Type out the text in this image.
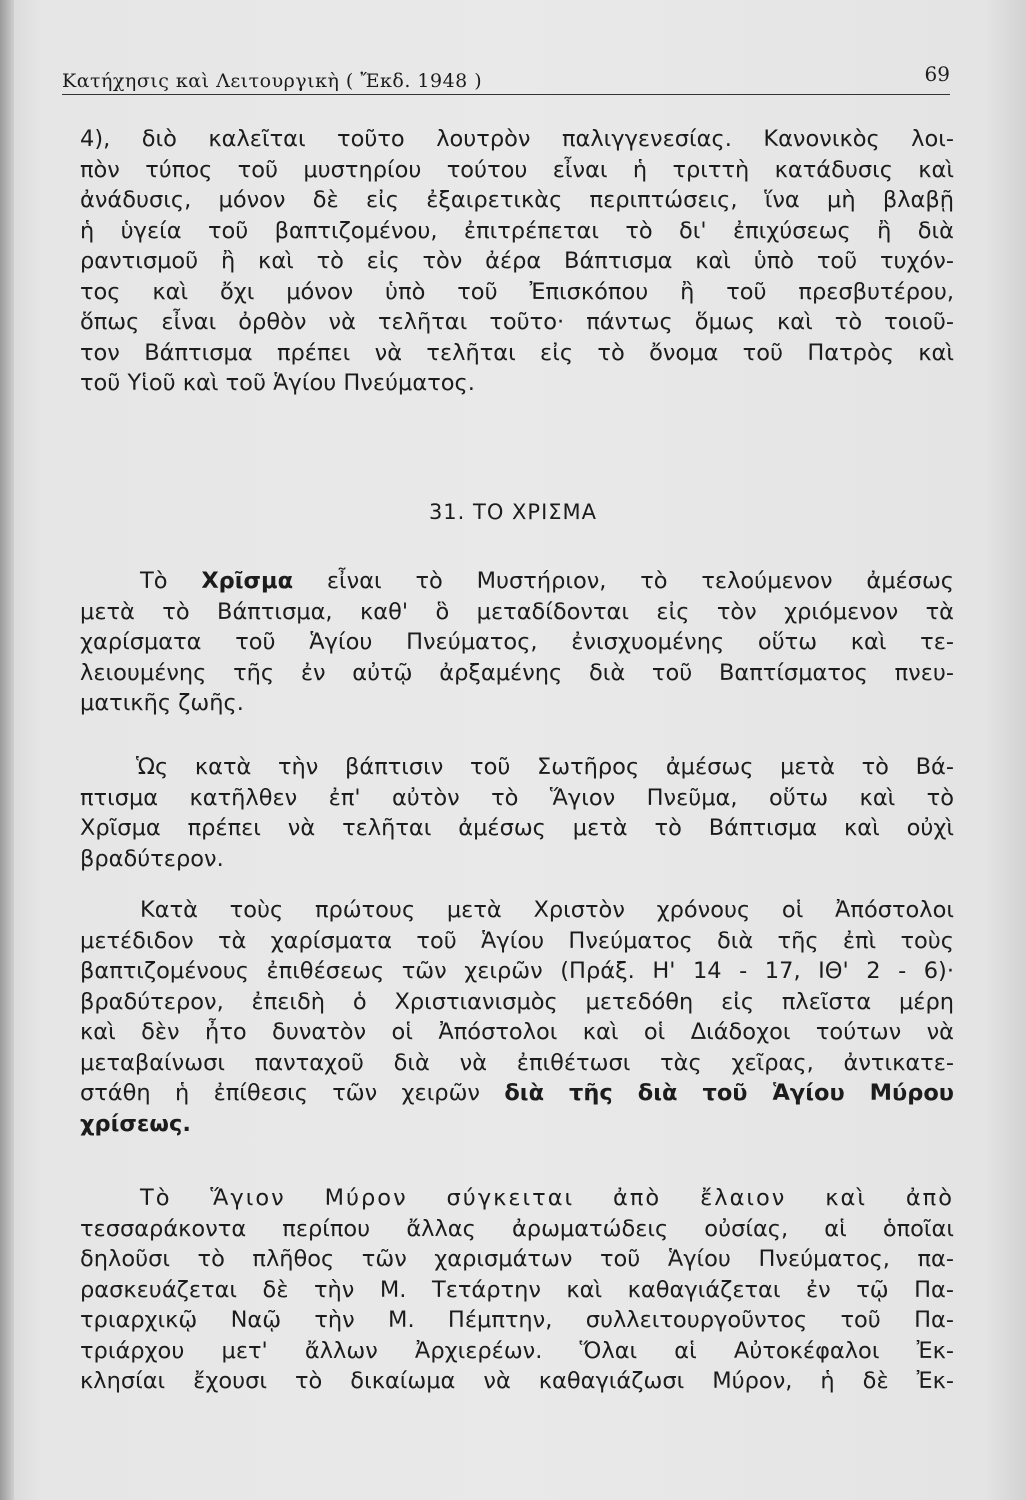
Κατήχησις καὶ Λειτουργικὴ ( Ἔκδ. 1948 )	69
4), διὸ καλεῖται τοῦτο λουτρὸν παλιγγενεσίας. Κανονικὸς λοι-
πὸν τύπος τοῦ μυστηρίου τούτου εἶναι ἡ τριττὴ κατάδυσις καὶ
ἀνάδυσις, μόνον δὲ εἰς ἐξαιρετικὰς περιπτώσεις, ἵνα μὴ βλαβῇ
ἡ ὑγεία τοῦ βαπτιζομένου, ἐπιτρέπεται τὸ δι' ἐπιχύσεως ἢ διὰ
ραντισμοῦ ἢ καὶ τὸ εἰς τὸν ἀέρα Βάπτισμα καὶ ὑπὸ τοῦ τυχόν-
τος καὶ ὄχι μόνον ὑπὸ τοῦ Ἐπισκόπου ἢ τοῦ πρεσβυτέρου,
ὅπως εἶναι ὀρθὸν νὰ τελῆται τοῦτο· πάντως ὅμως καὶ τὸ τοιοῦ-
τον Βάπτισμα πρέπει νὰ τελῆται εἰς τὸ ὄνομα τοῦ Πατρὸς καὶ
τοῦ Υἱοῦ καὶ τοῦ Ἁγίου Πνεύματος.
31. ΤΟ ΧΡΙΣΜΑ
Τὸ Χρῖσμα εἶναι τὸ Μυστήριον, τὸ τελούμενον ἀμέσως
μετὰ τὸ Βάπτισμα, καθ' ὃ μεταδίδονται εἰς τὸν χριόμενον τὰ
χαρίσματα τοῦ Ἁγίου Πνεύματος, ἐνισχυομένης οὕτω καὶ τε-
λειουμένης τῆς ἐν αὐτῷ ἀρξαμένης διὰ τοῦ Βαπτίσματος πνευ-
ματικῆς ζωῆς.
Ὡς κατὰ τὴν βάπτισιν τοῦ Σωτῆρος ἀμέσως μετὰ τὸ Βά-
πτισμα κατῆλθεν ἐπ' αὐτὸν τὸ Ἅγιον Πνεῦμα, οὕτω καὶ τὸ
Χρῖσμα πρέπει νὰ τελῆται ἀμέσως μετὰ τὸ Βάπτισμα καὶ οὐχὶ
βραδύτερον.
Κατὰ τοὺς πρώτους μετὰ Χριστὸν χρόνους οἱ Ἀπόστολοι
μετέδιδον τὰ χαρίσματα τοῦ Ἁγίου Πνεύματος διὰ τῆς ἐπὶ τοὺς
βαπτιζομένους ἐπιθέσεως τῶν χειρῶν (Πράξ. Η' 14 - 17, ΙΘ' 2 - 6)·
βραδύτερον, ἐπειδὴ ὁ Χριστιανισμὸς μετεδόθη εἰς πλεῖστα μέρη
καὶ δὲν ἦτο δυνατὸν οἱ Ἀπόστολοι καὶ οἱ Διάδοχοι τούτων νὰ
μεταβαίνωσι πανταχοῦ διὰ νὰ ἐπιθέτωσι τὰς χεῖρας, ἀντικατε-
στάθη ἡ ἐπίθεσις τῶν χειρῶν διὰ τῆς διὰ τοῦ Ἁγίου Μύρου
χρίσεως.
Τὸ Ἅγιον Μύρον σύγκειται ἀπὸ ἔλαιον καὶ ἀπὸ
τεσσαράκοντα περίπου ἄλλας ἀρωματώδεις οὐσίας, αἱ ὁποῖαι
δηλοῦσι τὸ πλῆθος τῶν χαρισμάτων τοῦ Ἁγίου Πνεύματος, πα-
ρασκευάζεται δὲ τὴν Μ. Τετάρτην καὶ καθαγιάζεται ἐν τῷ Πα-
τριαρχικῷ Ναῷ τὴν Μ. Πέμπτην, συλλειτουργοῦντος τοῦ Πα-
τριάρχου μετ' ἄλλων Ἀρχιερέων. Ὅλαι αἱ Αὐτοκέφαλοι Ἐκ-
κλησίαι ἔχουσι τὸ δικαίωμα νὰ καθαγιάζωσι Μύρον, ἡ δὲ Ἐκ-
